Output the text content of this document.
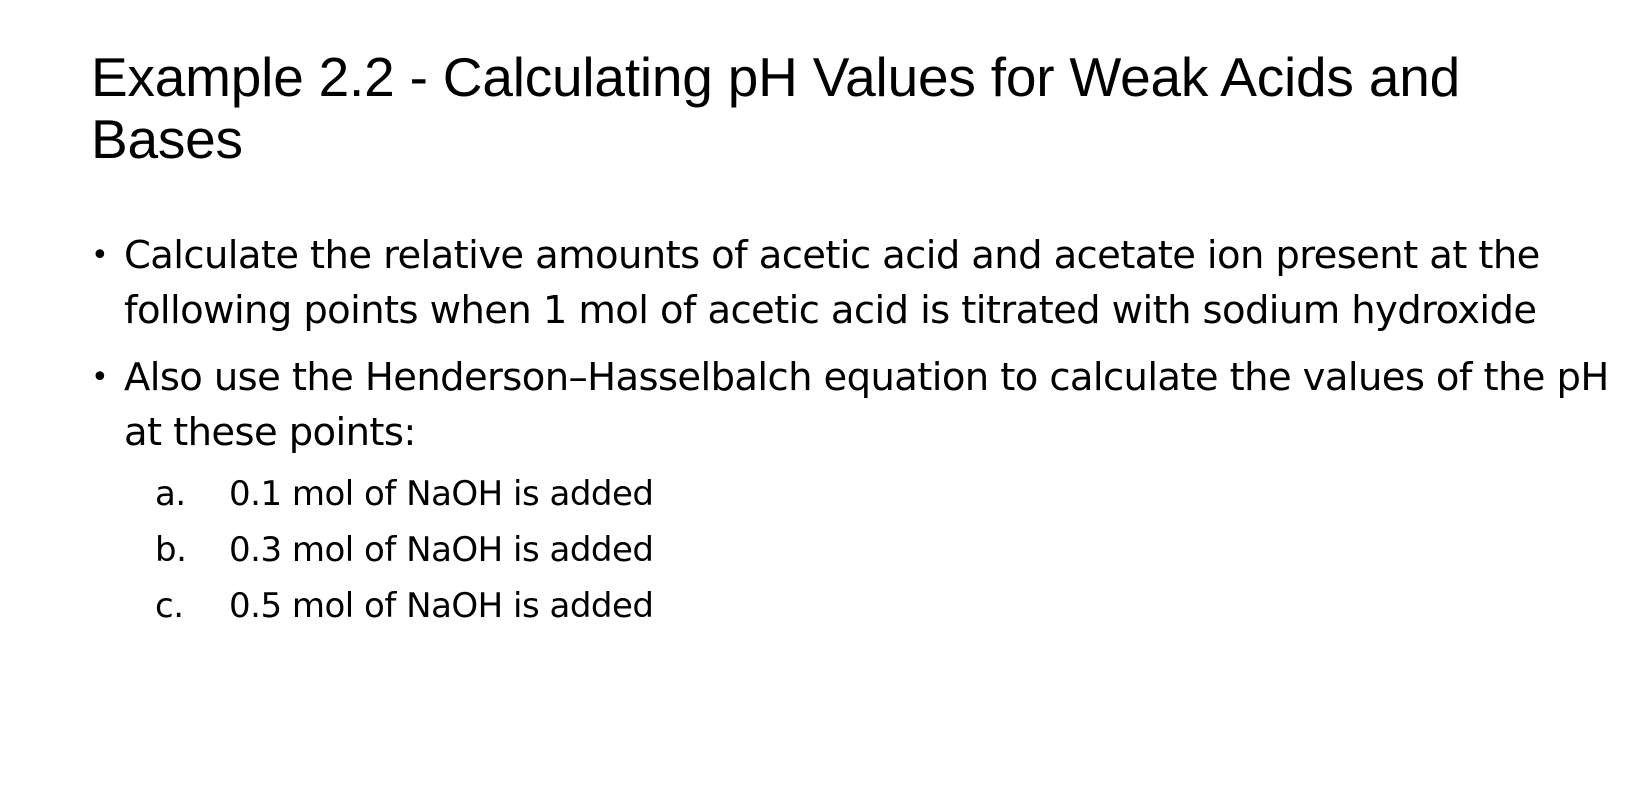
Example 2.2 - Calculating pH Values for Weak Acids and Bases
• Calculate the relative amounts of acetic acid and acetate ion present at the following points when 1 mol of acetic acid is titrated with sodium hydroxide
• Also use the Henderson–Hasselbalch equation to calculate the values of the pH at these points:
a. 0.1 mol of NaOH is added
b. 0.3 mol of NaOH is added
c. 0.5 mol of NaOH is added
